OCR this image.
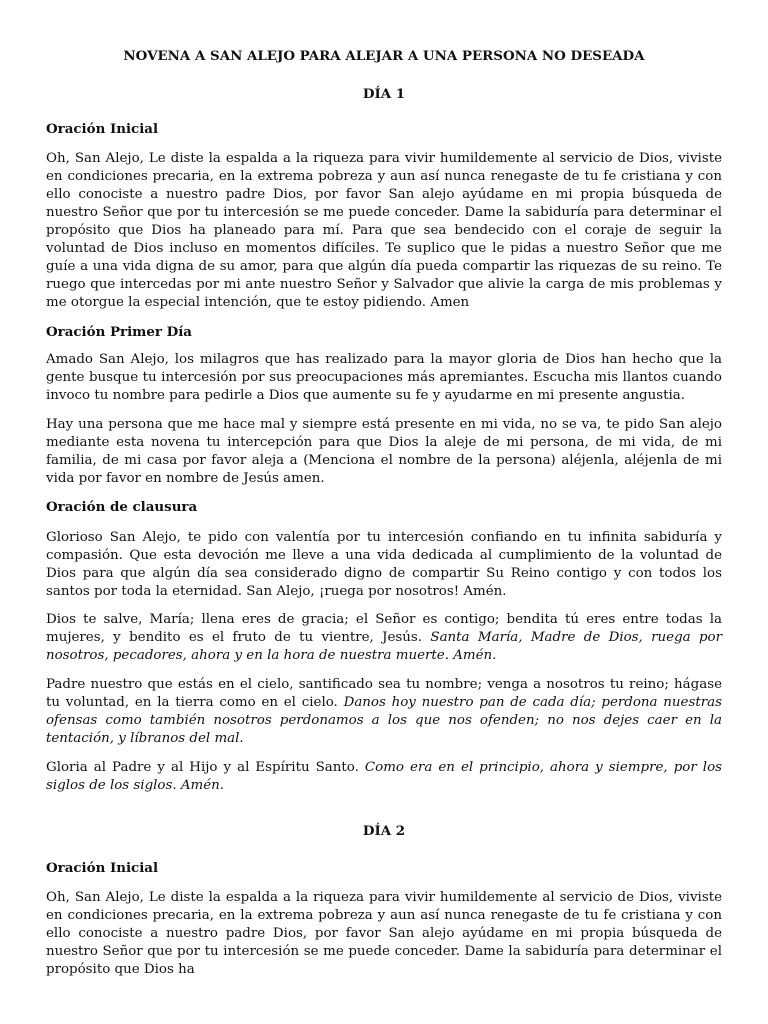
NOVENA A SAN ALEJO PARA ALEJAR A UNA PERSONA NO DESEADA
DÍA 1
Oración Inicial

Oh, San Alejo, Le diste la espalda a la riqueza para vivir humildemente al servicio de Dios, viviste en condiciones precaria, en la extrema pobreza y aun así nunca renegaste de tu fe cristiana y con ello conociste a nuestro padre Dios, por favor San alejo ayúdame en mi propia búsqueda de nuestro Señor que por tu intercesión se me puede conceder. Dame la sabiduría para determinar el propósito que Dios ha planeado para mí. Para que sea bendecido con el coraje de seguir la voluntad de Dios incluso en momentos difíciles. Te suplico que le pidas a nuestro Señor que me guíe a una vida digna de su amor, para que algún día pueda compartir las riquezas de su reino. Te ruego que intercedas por mi ante nuestro Señor y Salvador que alivie la carga de mis problemas y me otorgue la especial intención, que te estoy pidiendo. Amen

Oración Primer Día

Amado San Alejo, los milagros que has realizado para la mayor gloria de Dios han hecho que la gente busque tu intercesión por sus preocupaciones más apremiantes. Escucha mis llantos cuando invoco tu nombre para pedirle a Dios que aumente su fe y ayudarme en mi presente angustia.

Hay una persona que me hace mal y siempre está presente en mi vida, no se va, te pido San alejo mediante esta novena tu intercepción para que Dios la aleje de mi persona, de mi vida, de mi familia, de mi casa por favor aleja a (Menciona el nombre de la persona) aléjenla, aléjenla de mi vida por favor en nombre de Jesús amen.

Oración de clausura

Glorioso San Alejo, te pido con valentía por tu intercesión confiando en tu infinita sabiduría y compasión. Que esta devoción me lleve a una vida dedicada al cumplimiento de la voluntad de Dios para que algún día sea considerado digno de compartir Su Reino contigo y con todos los santos por toda la eternidad. San Alejo, ¡ruega por nosotros! Amén.

Dios te salve, María; llena eres de gracia; el Señor es contigo; bendita tú eres entre todas la mujeres, y bendito es el fruto de tu vientre, Jesús. Santa María, Madre de Dios, ruega por nosotros, pecadores, ahora y en la hora de nuestra muerte. Amén.

Padre nuestro que estás en el cielo, santificado sea tu nombre; venga a nosotros tu reino; hágase tu voluntad, en la tierra como en el cielo. Danos hoy nuestro pan de cada día; perdona nuestras ofensas como también nosotros perdonamos a los que nos ofenden; no nos dejes caer en la tentación, y líbranos del mal.

Gloria al Padre y al Hijo y al Espíritu Santo. Como era en el principio, ahora y siempre, por los siglos de los siglos. Amén.

DÍA 2
Oración Inicial

Oh, San Alejo, Le diste la espalda a la riqueza para vivir humildemente al servicio de Dios, viviste en condiciones precaria, en la extrema pobreza y aun así nunca renegaste de tu fe cristiana y con ello conociste a nuestro padre Dios, por favor San alejo ayúdame en mi propia búsqueda de nuestro Señor que por tu intercesión se me puede conceder. Dame la sabiduría para determinar el propósito que Dios ha
